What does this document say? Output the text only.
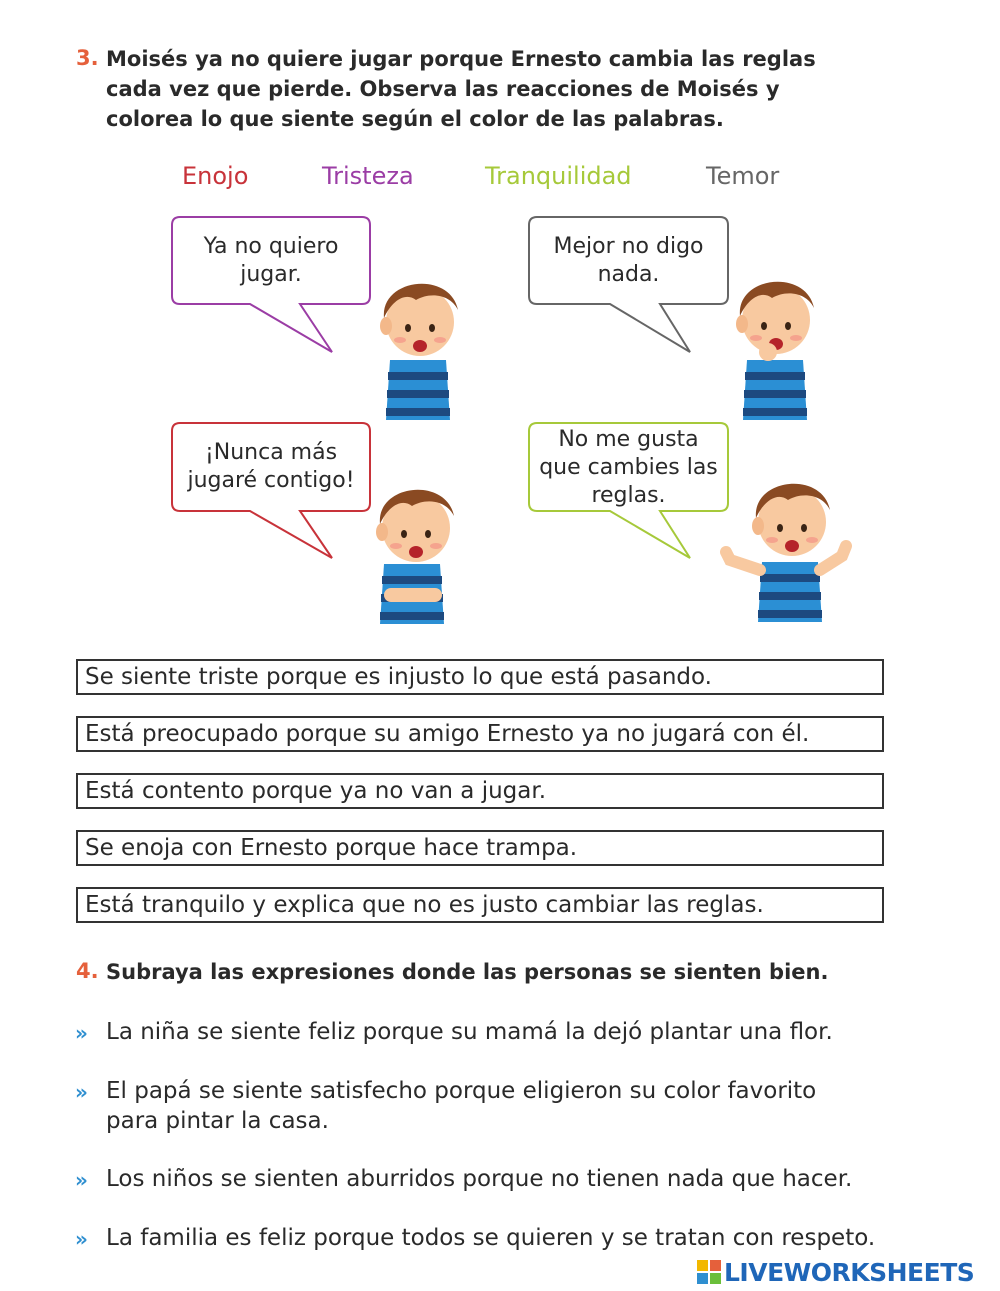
3. Moisés ya no quiere jugar porque Ernesto cambia las reglas
cada vez que pierde. Observa las reacciones de Moisés y
colorea lo que siente según el color de las palabras.
Enojo	Tristeza	Tranquilidad	Temor
Ya no quiero
jugar.
Mejor no digo
nada.
¡Nunca más
jugaré contigo!
No me gusta
que cambies las
reglas.
Se siente triste porque es injusto lo que está pasando.
Está preocupado porque su amigo Ernesto ya no jugará con él.
Está contento porque ya no van a jugar.
Se enoja con Ernesto porque hace trampa.
Está tranquilo y explica que no es justo cambiar las reglas.
4. Subraya las expresiones donde las personas se sienten bien.
» La niña se siente feliz porque su mamá la dejó plantar una flor.
» El papá se siente satisfecho porque eligieron su color favorito
para pintar la casa.
» Los niños se sienten aburridos porque no tienen nada que hacer.
» La familia es feliz porque todos se quieren y se tratan con respeto.
LIVEWORKSHEETS
